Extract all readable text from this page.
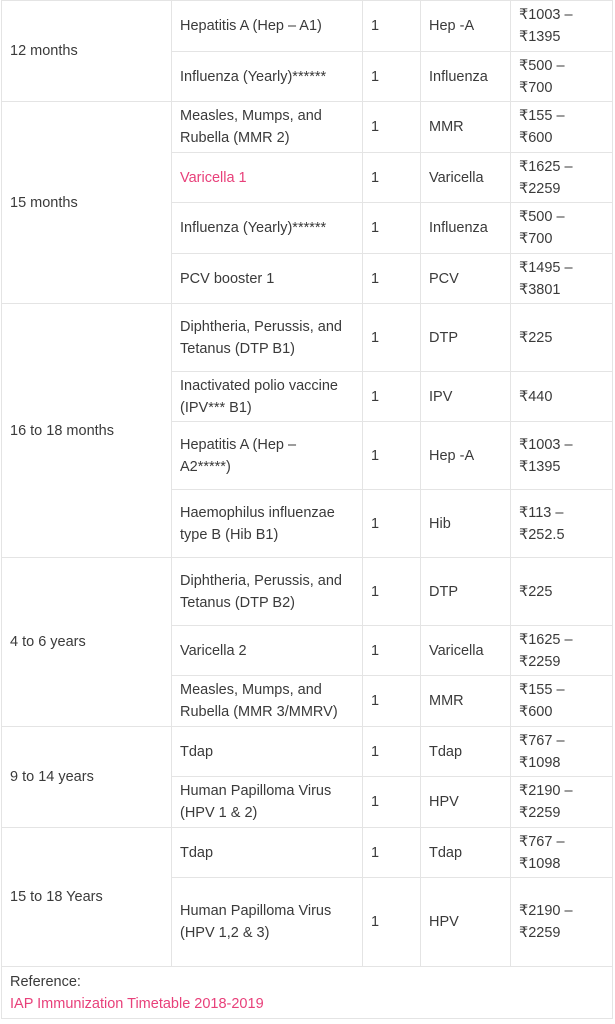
12 months	Hepatitis A (Hep – A1)	1	Hep -A	₹1003 –
₹1395
	Influenza (Yearly)******	1	Influenza	₹500 –
₹700
15 months	Measles, Mumps, and
Rubella (MMR 2)	1	MMR	₹155 –
₹600
	Varicella 1	1	Varicella	₹1625 –
₹2259
	Influenza (Yearly)******	1	Influenza	₹500 –
₹700
	PCV booster 1	1	PCV	₹1495 –
₹3801
16 to 18 months	Diphtheria, Perussis, and
Tetanus (DTP B1)	1	DTP	₹225
	Inactivated polio vaccine
(IPV*** B1)	1	IPV	₹440
	Hepatitis A (Hep –
A2*****)	1	Hep -A	₹1003 –
₹1395
	Haemophilus influenzae
type B (Hib B1)	1	Hib	₹113 –
₹252.5
4 to 6 years	Diphtheria, Perussis, and
Tetanus (DTP B2)	1	DTP	₹225
	Varicella 2	1	Varicella	₹1625 –
₹2259
	Measles, Mumps, and
Rubella (MMR 3/MMRV)	1	MMR	₹155 –
₹600
9 to 14 years	Tdap	1	Tdap	₹767 –
₹1098
	Human Papilloma Virus
(HPV 1 & 2)	1	HPV	₹2190 –
₹2259
15 to 18 Years	Tdap	1	Tdap	₹767 –
₹1098
	Human Papilloma Virus
(HPV 1,2 & 3)	1	HPV	₹2190 –
₹2259

Reference:
IAP Immunization Timetable 2018-2019				
